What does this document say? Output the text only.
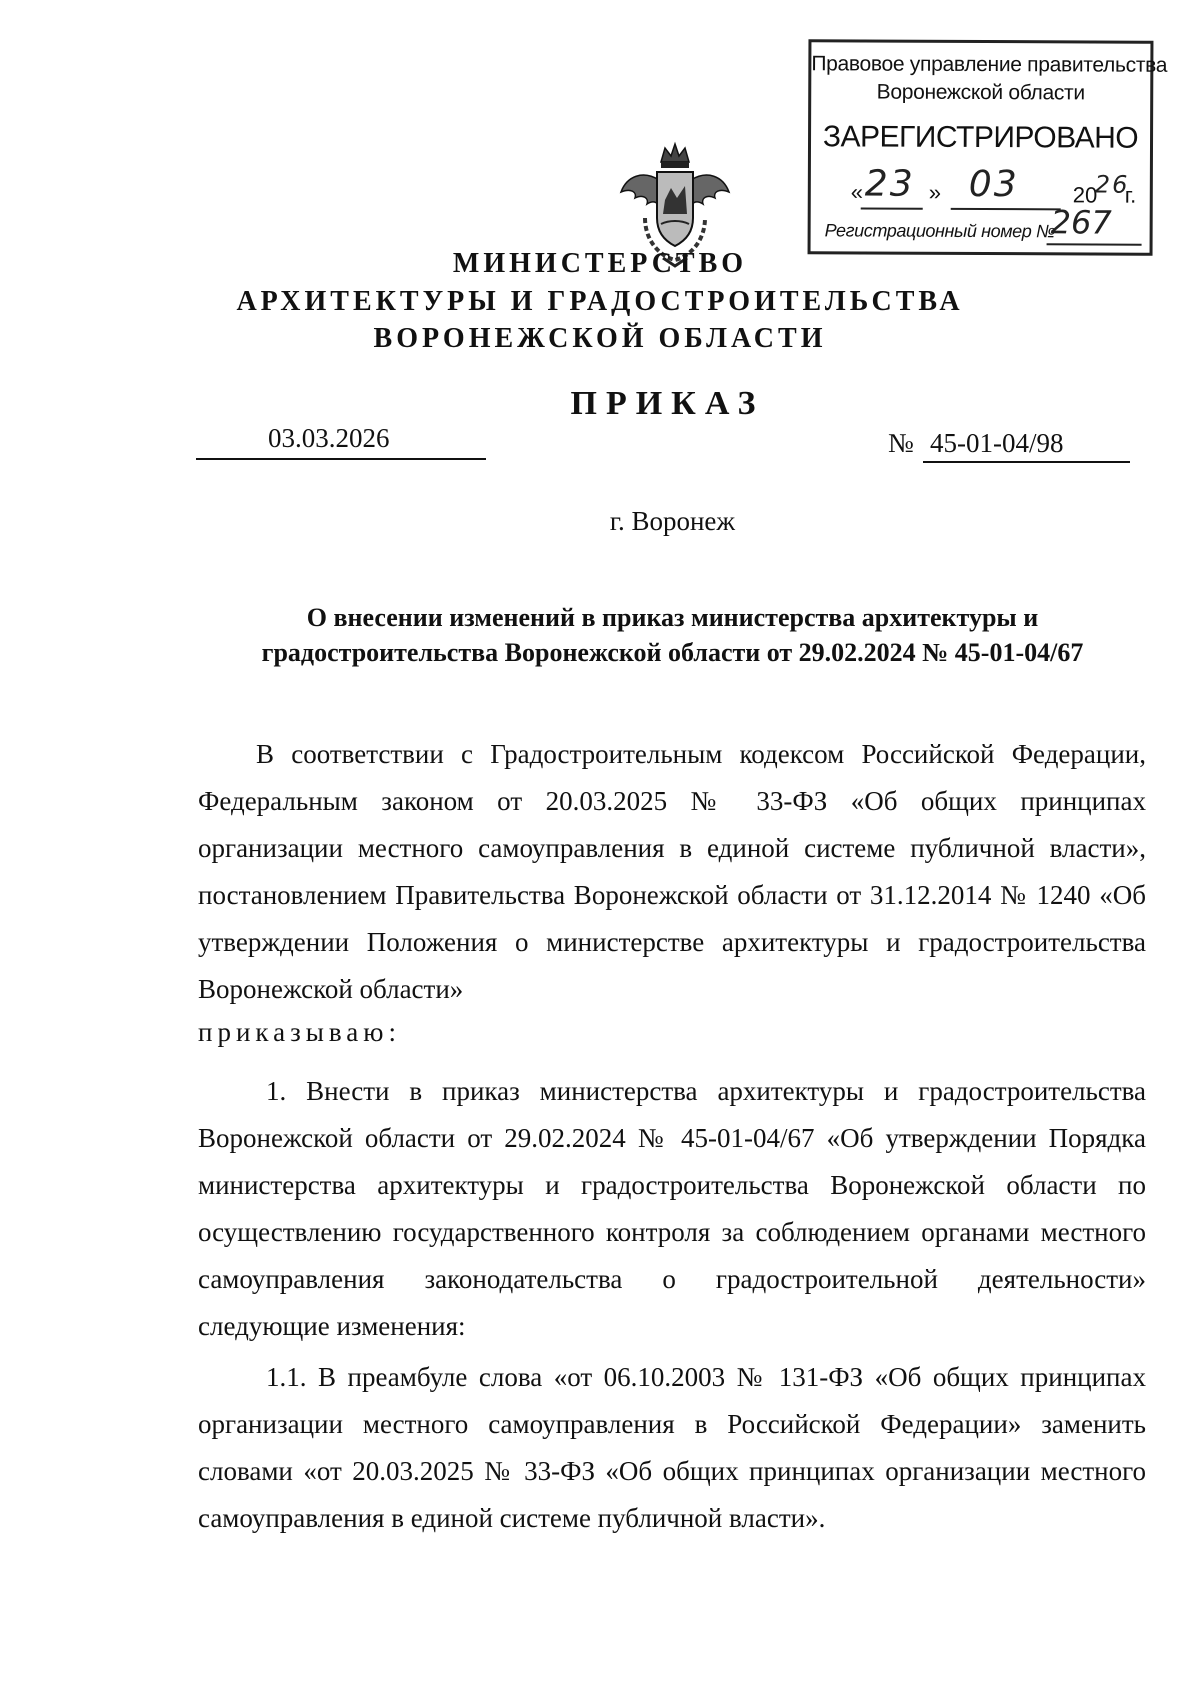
Правовое управление правительства
Воронежской области
ЗАРЕГИСТРИРОВАНО
« 23 » 03 20
26
г.
Регистрационный номер №
267
МИНИСТЕРСТВО
АРХИТЕКТУРЫ И ГРАДОСТРОИТЕЛЬСТВА
ВОРОНЕЖСКОЙ ОБЛАСТИ
ПРИКАЗ
03.03.2026	№ 45-01-04/98
г. Воронеж
О внесении изменений в приказ министерства архитектуры и градостроительства Воронежской области от 29.02.2024 № 45-01-04/67
В соответствии с Градостроительным кодексом Российской Федерации, Федеральным законом от 20.03.2025 № 33-ФЗ «Об общих принципах организации местного самоуправления в единой системе публичной власти», постановлением Правительства Воронежской области от 31.12.2014 № 1240 «Об утверждении Положения о министерстве архитектуры и градостроительства Воронежской области»
приказываю:
1. Внести в приказ министерства архитектуры и градостроительства Воронежской области от 29.02.2024 № 45-01-04/67 «Об утверждении Порядка министерства архитектуры и градостроительства Воронежской области по осуществлению государственного контроля за соблюдением органами местного самоуправления законодательства о градостроительной деятельности» следующие изменения:
1.1. В преамбуле слова «от 06.10.2003 № 131-ФЗ «Об общих принципах организации местного самоуправления в Российской Федерации» заменить словами «от 20.03.2025 № 33-ФЗ «Об общих принципах организации местного самоуправления в единой системе публичной власти».
